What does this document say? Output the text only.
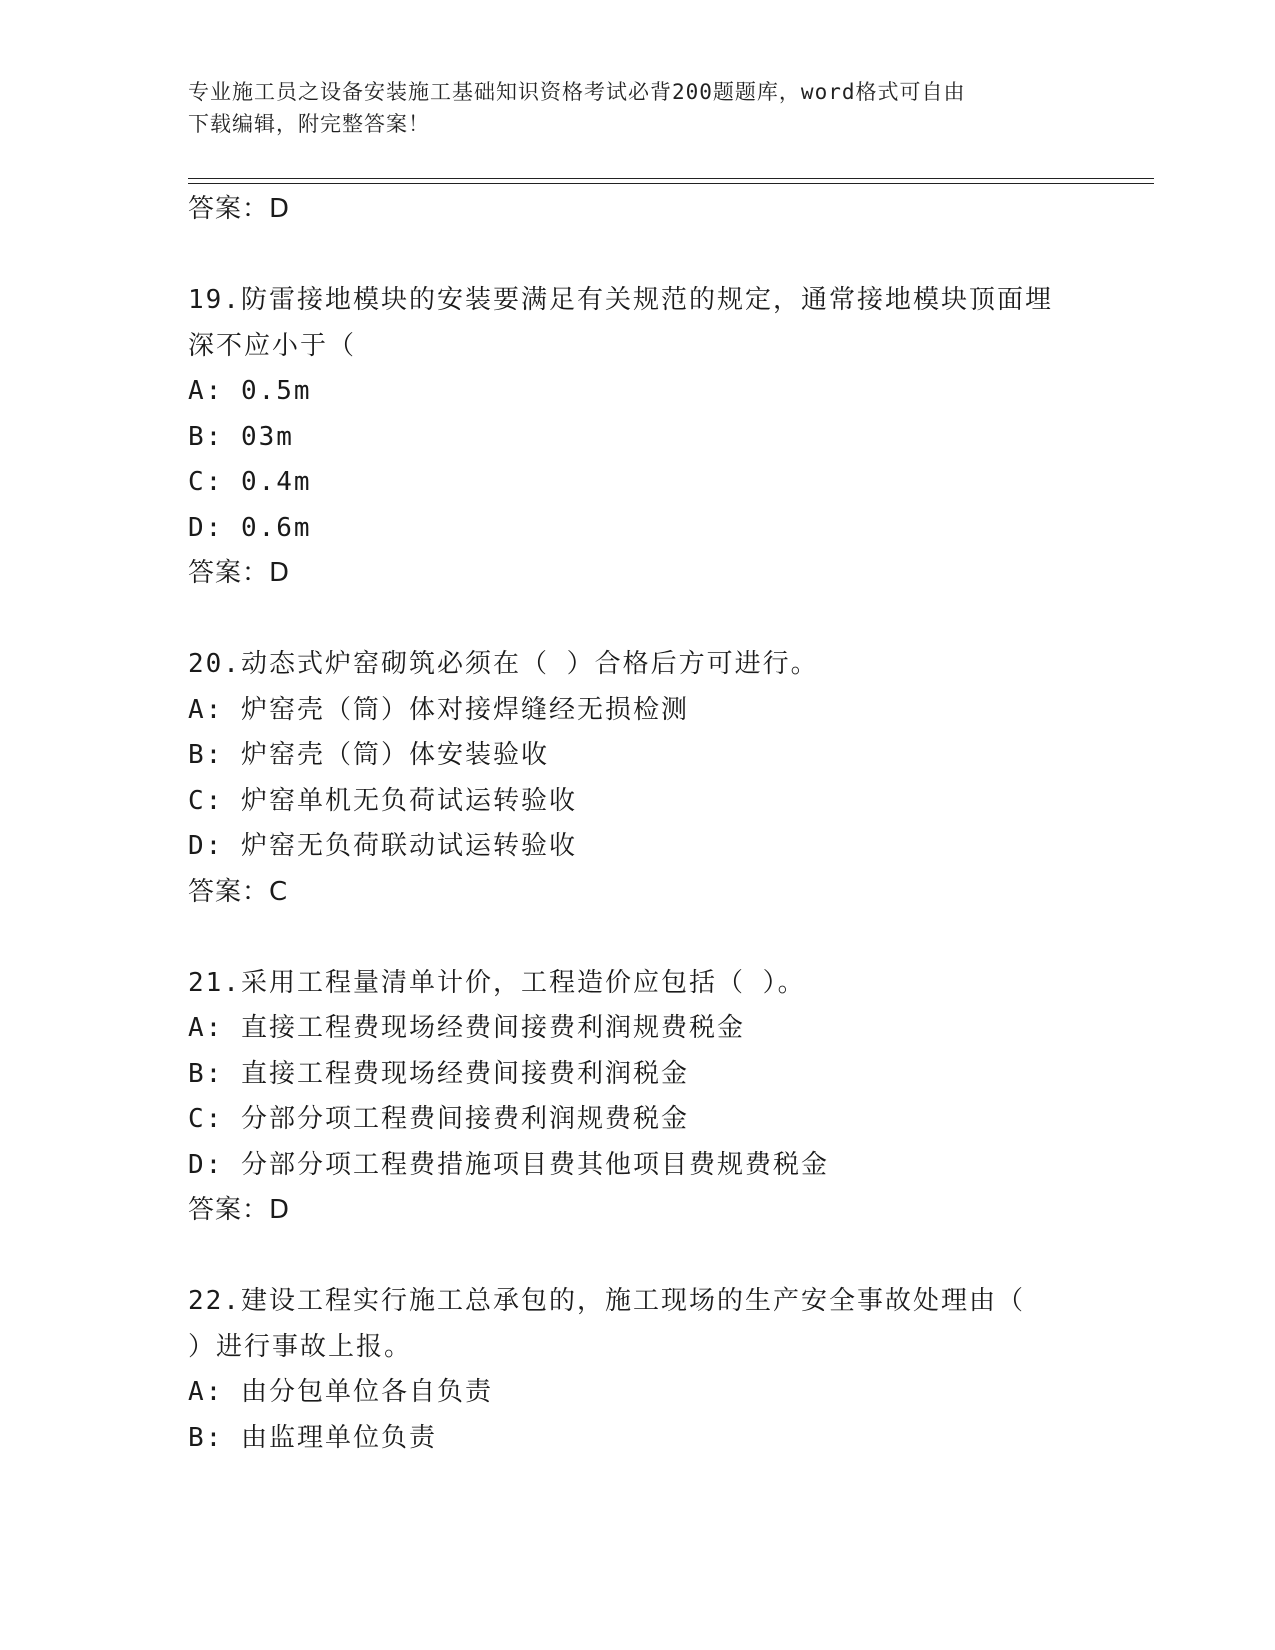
专业施工员之设备安装施工基础知识资格考试必背200题题库，word格式可自由
下载编辑，附完整答案！
答案：D
19.防雷接地模块的安装要满足有关规范的规定，通常接地模块顶面埋
深不应小于（
A: 0.5m
B: 03m
C: 0.4m
D: 0.6m
答案：D
20.动态式炉窑砌筑必须在（ ）合格后方可进行。
A: 炉窑壳（筒）体对接焊缝经无损检测
B: 炉窑壳（筒）体安装验收
C: 炉窑单机无负荷试运转验收
D: 炉窑无负荷联动试运转验收
答案：C
21.采用工程量清单计价，工程造价应包括（ ）。
A: 直接工程费现场经费间接费利润规费税金
B: 直接工程费现场经费间接费利润税金
C: 分部分项工程费间接费利润规费税金
D: 分部分项工程费措施项目费其他项目费规费税金
答案：D
22.建设工程实行施工总承包的，施工现场的生产安全事故处理由（
）进行事故上报。
A: 由分包单位各自负责
B: 由监理单位负责
